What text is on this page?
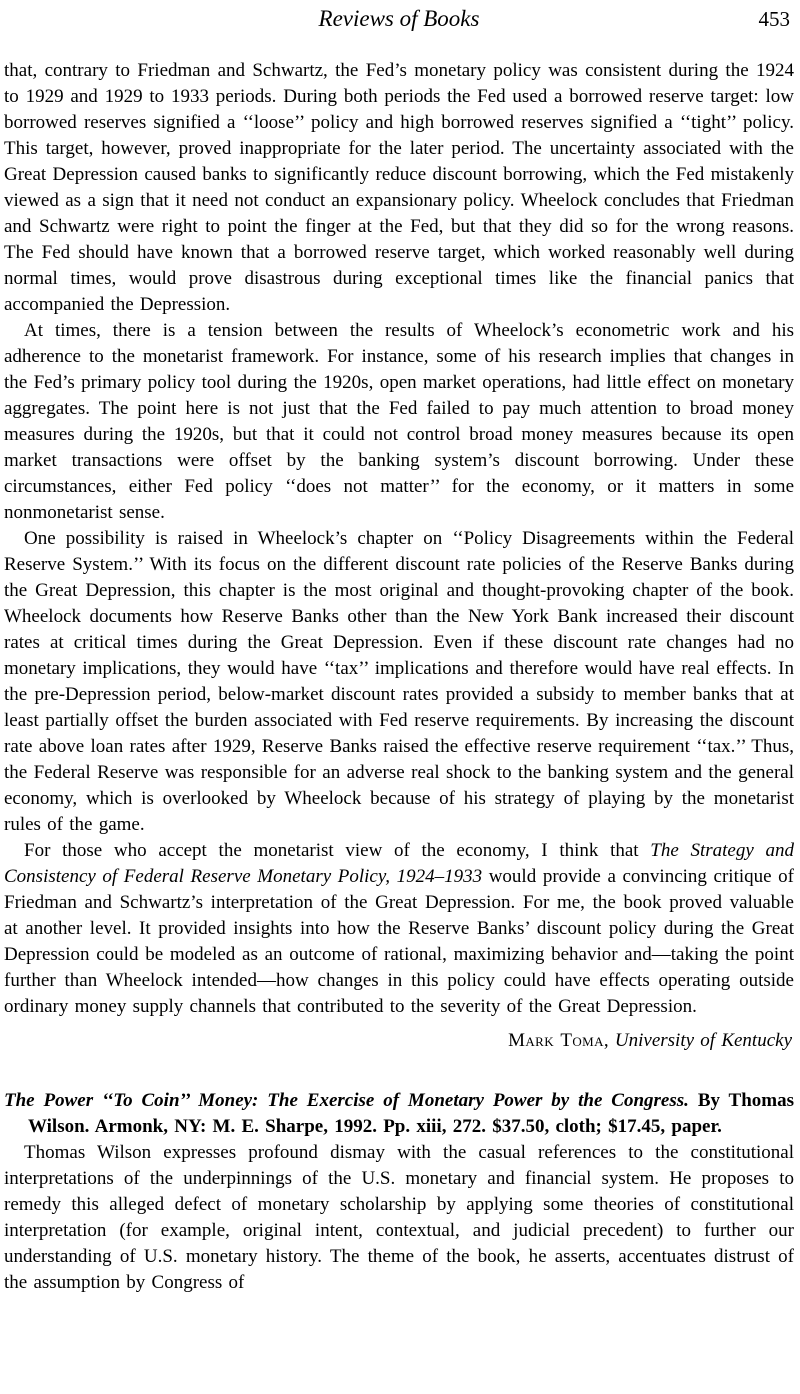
Reviews of Books	453

that, contrary to Friedman and Schwartz, the Fed’s monetary policy was consistent during the 1924 to 1929 and 1929 to 1933 periods. During both periods the Fed used a borrowed reserve target: low borrowed reserves signified a ‘‘loose’’ policy and high borrowed reserves signified a ‘‘tight’’ policy. This target, however, proved inappropriate for the later period. The uncertainty associated with the Great Depression caused banks to significantly reduce discount borrowing, which the Fed mistakenly viewed as a sign that it need not conduct an expansionary policy. Wheelock concludes that Friedman and Schwartz were right to point the finger at the Fed, but that they did so for the wrong reasons. The Fed should have known that a borrowed reserve target, which worked reasonably well during normal times, would prove disastrous during exceptional times like the financial panics that accompanied the Depression.

At times, there is a tension between the results of Wheelock’s econometric work and his adherence to the monetarist framework. For instance, some of his research implies that changes in the Fed’s primary policy tool during the 1920s, open market operations, had little effect on monetary aggregates. The point here is not just that the Fed failed to pay much attention to broad money measures during the 1920s, but that it could not control broad money measures because its open market transactions were offset by the banking system’s discount borrowing. Under these circumstances, either Fed policy ‘‘does not matter’’ for the economy, or it matters in some nonmonetarist sense.

One possibility is raised in Wheelock’s chapter on ‘‘Policy Disagreements within the Federal Reserve System.’’ With its focus on the different discount rate policies of the Reserve Banks during the Great Depression, this chapter is the most original and thought-provoking chapter of the book. Wheelock documents how Reserve Banks other than the New York Bank increased their discount rates at critical times during the Great Depression. Even if these discount rate changes had no monetary implications, they would have ‘‘tax’’ implications and therefore would have real effects. In the pre-Depression period, below-market discount rates provided a subsidy to member banks that at least partially offset the burden associated with Fed reserve requirements. By increasing the discount rate above loan rates after 1929, Reserve Banks raised the effective reserve requirement ‘‘tax.’’ Thus, the Federal Reserve was responsible for an adverse real shock to the banking system and the general economy, which is overlooked by Wheelock because of his strategy of playing by the monetarist rules of the game.

For those who accept the monetarist view of the economy, I think that The Strategy and Consistency of Federal Reserve Monetary Policy, 1924–1933 would provide a convincing critique of Friedman and Schwartz’s interpretation of the Great Depression. For me, the book proved valuable at another level. It provided insights into how the Reserve Banks’ discount policy during the Great Depression could be modeled as an outcome of rational, maximizing behavior and—taking the point further than Wheelock intended—how changes in this policy could have effects operating outside ordinary money supply channels that contributed to the severity of the Great Depression.

Mark Toma, University of Kentucky
The Power ‘‘To Coin’’ Money: The Exercise of Monetary Power by the Congress. By Thomas Wilson. Armonk, NY: M. E. Sharpe, 1992. Pp. xiii, 272. $37.50, cloth; $17.45, paper.

Thomas Wilson expresses profound dismay with the casual references to the constitutional interpretations of the underpinnings of the U.S. monetary and financial system. He proposes to remedy this alleged defect of monetary scholarship by applying some theories of constitutional interpretation (for example, original intent, contextual, and judicial precedent) to further our understanding of U.S. monetary history. The theme of the book, he asserts, accentuates distrust of the assumption by Congress of
